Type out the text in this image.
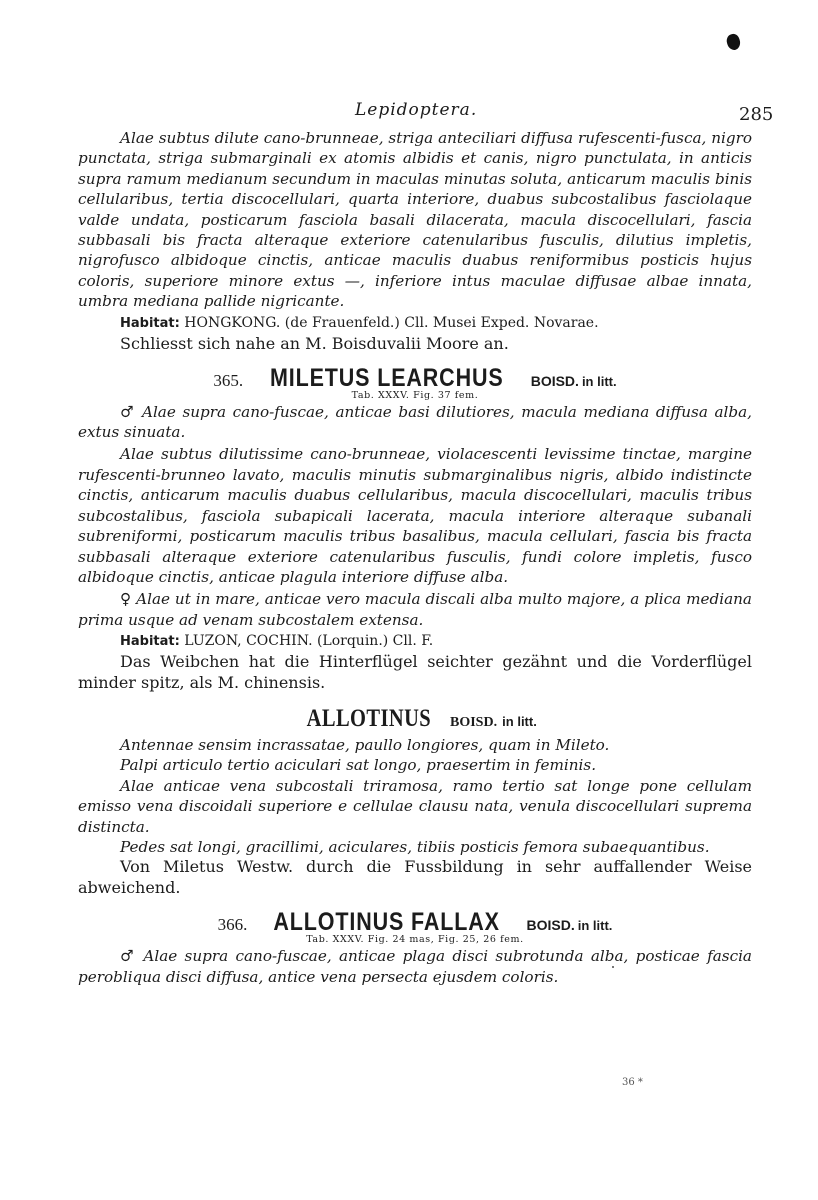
Lepidoptera.	285

Alae subtus dilute cano-brunneae, striga anteciliari diffusa rufescenti-fusca, nigro punctata, striga submarginali ex atomis albidis et canis, nigro punctulata, in anticis supra ramum medianum secundum in maculas minutas soluta, anticarum maculis binis cellularibus, tertia discocellulari, quarta interiore, duabus subcostalibus fasciolaque valde undata, posticarum fasciola basali dilacerata, macula discocellulari, fascia subbasali bis fracta alteraque exteriore catenularibus fusculis, dilutius impletis, nigrofusco albidoque cinctis, anticae maculis duabus reniformibus posticis hujus coloris, superiore minore extus —, inferiore intus maculae diffusae albae innata, umbra mediana pallide nigricante.

Habitat: HONGKONG. (de Frauenfeld.) Cll. Musei Exped. Novarae.

Schliesst sich nahe an M. Boisduvalii Moore an.

365. MILETUS LEARCHUS BOISD. in litt.
Tab. XXXV. Fig. 37 fem.

♂ Alae supra cano-fuscae, anticae basi dilutiores, macula mediana diffusa alba, extus sinuata.

Alae subtus dilutissime cano-brunneae, violacescenti levissime tinctae, margine rufescenti-brunneo lavato, maculis minutis submarginalibus nigris, albido indistincte cinctis, anticarum maculis duabus cellularibus, macula discocellulari, maculis tribus subcostalibus, fasciola subapicali lacerata, macula interiore alteraque subanali subreniformi, posticarum maculis tribus basalibus, macula cellulari, fascia bis fracta subbasali alteraque exteriore catenularibus fusculis, fundi colore impletis, fusco albidoque cinctis, anticae plagula interiore diffuse alba.

♀ Alae ut in mare, anticae vero macula discali alba multo majore, a plica mediana prima usque ad venam subcostalem extensa.

Habitat: LUZON, COCHIN. (Lorquin.) Cll. F.

Das Weibchen hat die Hinterflügel seichter gezähnt und die Vorderflügel minder spitz, als M. chinensis.

ALLOTINUS BOISD. in litt.

Antennae sensim incrassatae, paullo longiores, quam in Mileto.

Palpi articulo tertio aciculari sat longo, praesertim in feminis.

Alae anticae vena subcostali triramosa, ramo tertio sat longe pone cellulam emisso vena discoidali superiore e cellulae clausu nata, venula discocellulari suprema distincta.

Pedes sat longi, gracillimi, aciculares, tibiis posticis femora subaequantibus.

Von Miletus Westw. durch die Fussbildung in sehr auffallender Weise abweichend.

366. ALLOTINUS FALLAX BOISD. in litt.
Tab. XXXV. Fig. 24 mas, Fig. 25, 26 fem.

♂ Alae supra cano-fuscae, anticae plaga disci subrotunda alba, posticae fascia perobliqua disci diffusa, antice vena persecta ejusdem coloris.

36 *
